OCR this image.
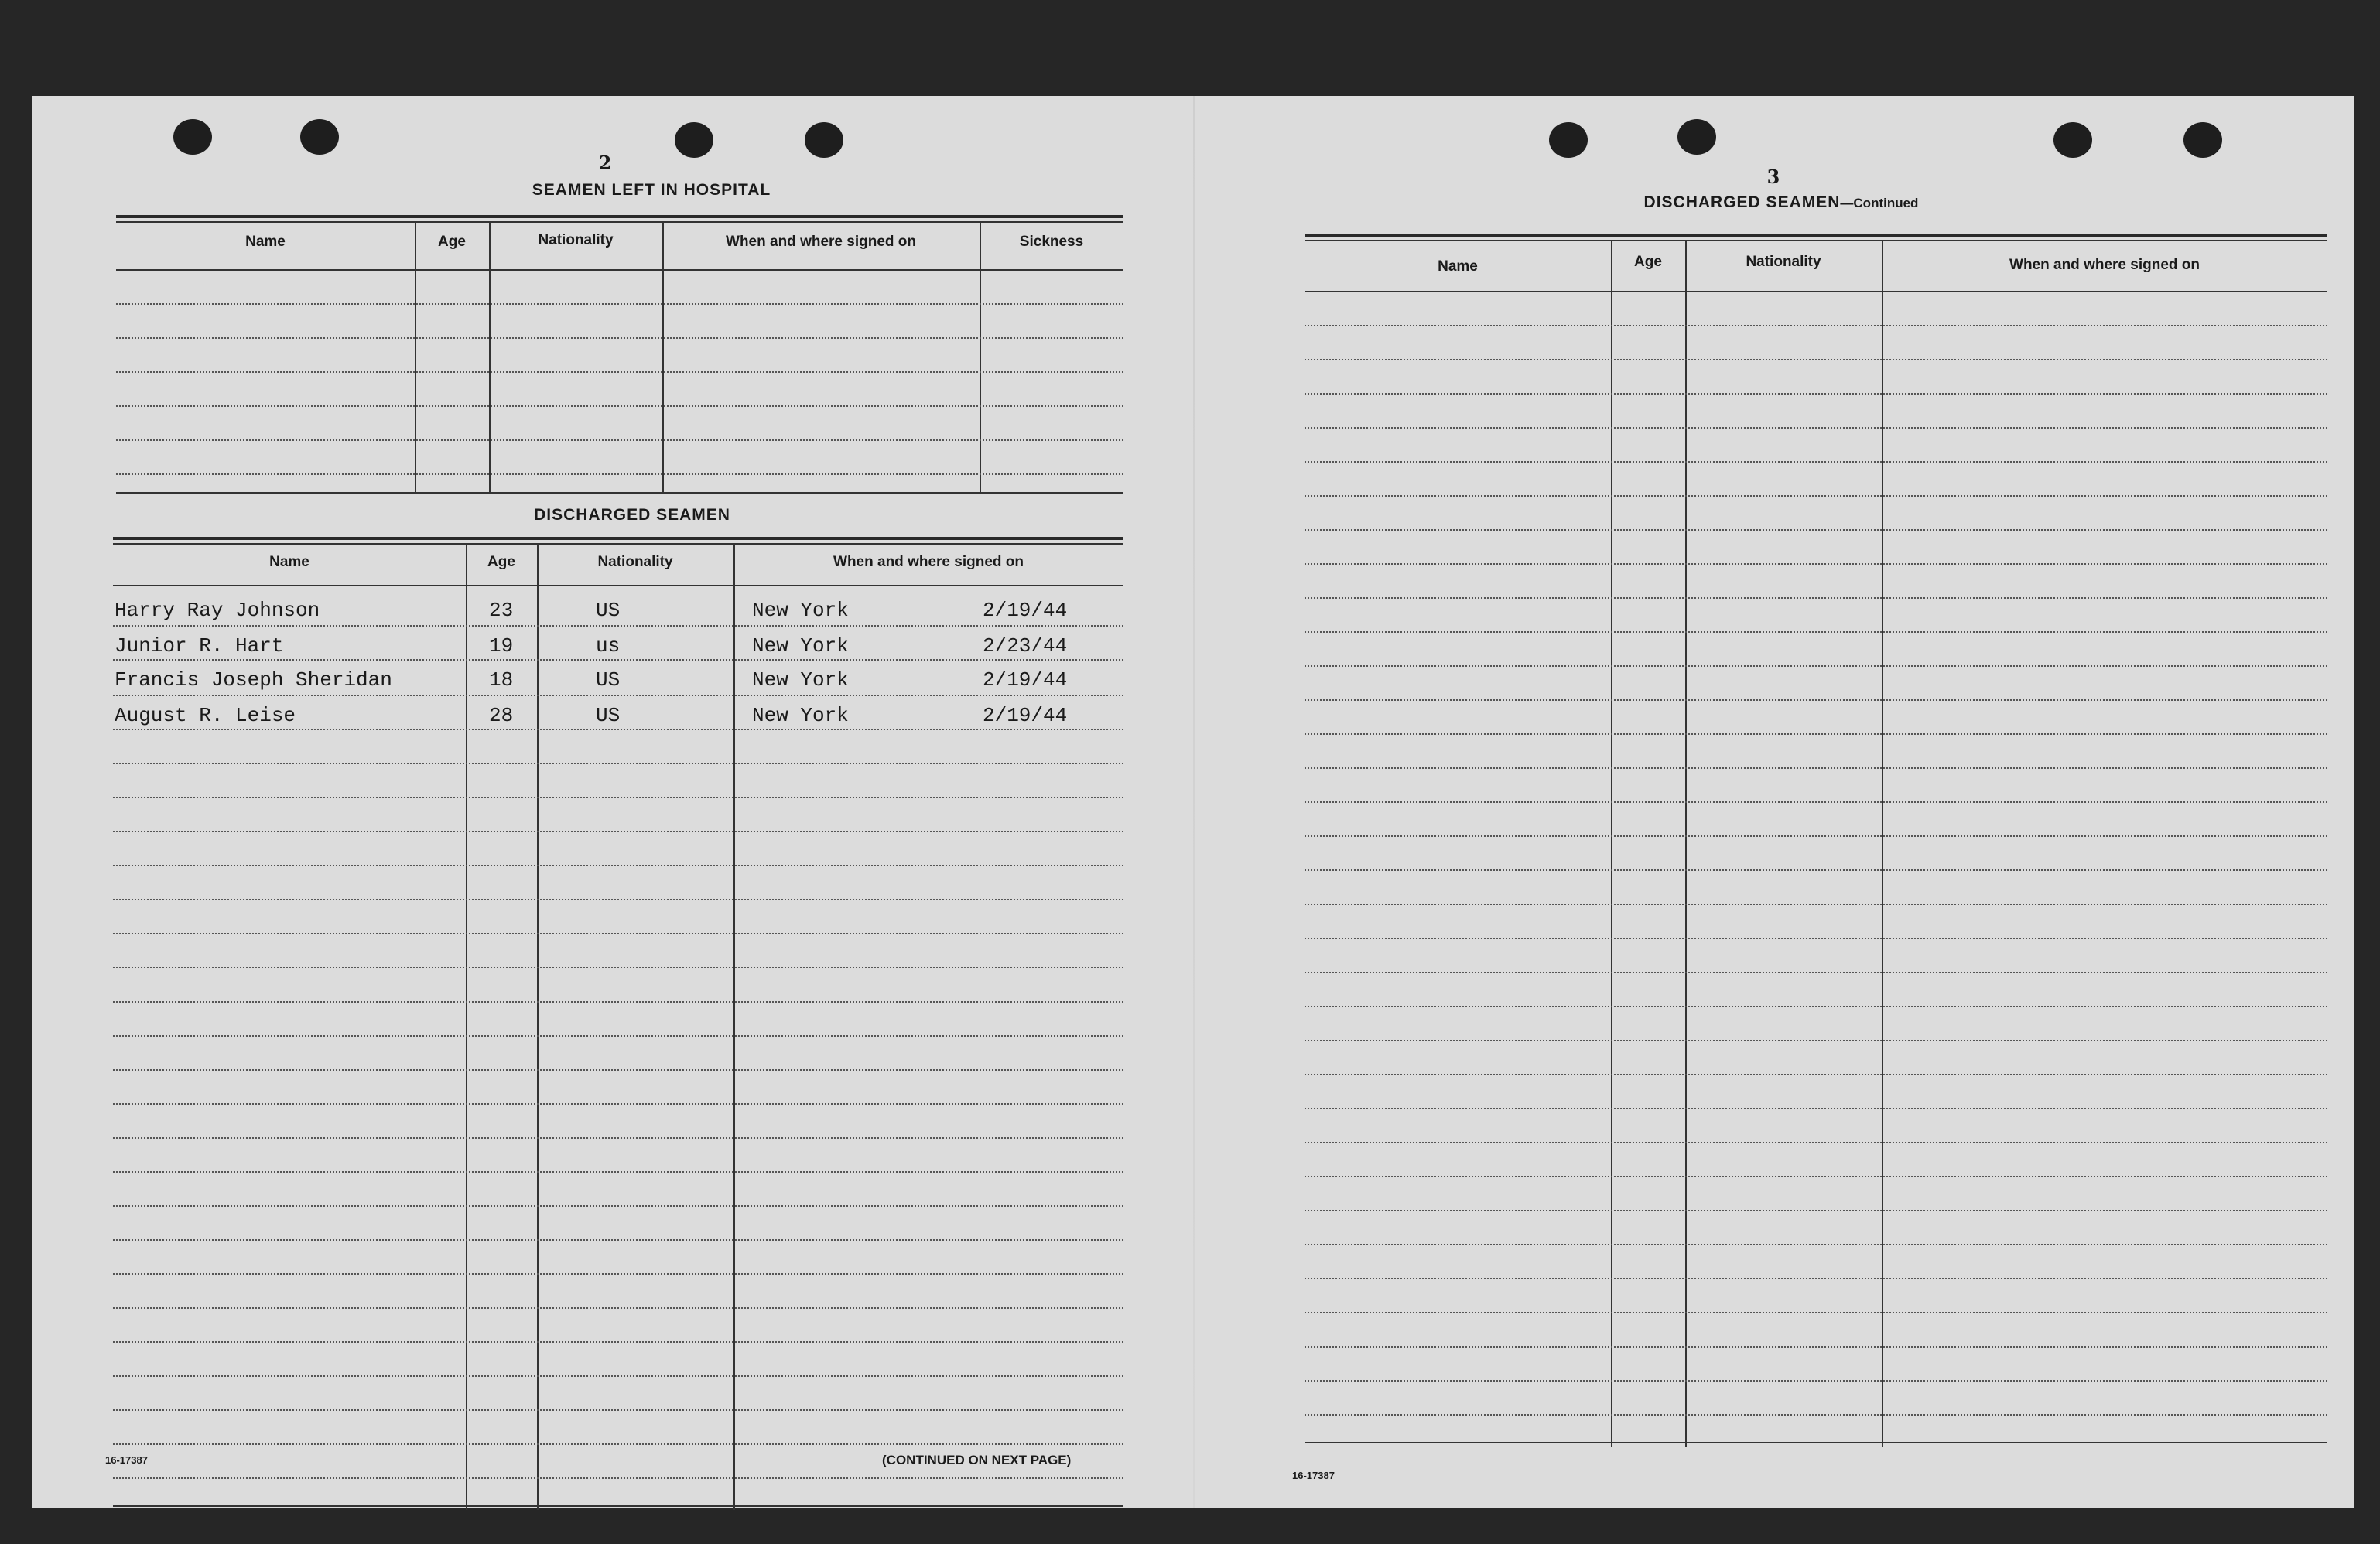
2
SEAMEN LEFT IN HOSPITAL
Name	Age	Nationality	When and where signed on	Sickness
DISCHARGED SEAMEN
Name	Age	Nationality	When and where signed on
Harry Ray Johnson	23	US	New York	2/19/44
Junior R. Hart	19	us	New York	2/23/44
Francis Joseph Sheridan	18	US	New York	2/19/44
August R. Leise	28	US	New York	2/19/44
16-17387	(CONTINUED ON NEXT PAGE)
3
DISCHARGED SEAMEN—Continued
Name	Age	Nationality	When and where signed on
16-17387
